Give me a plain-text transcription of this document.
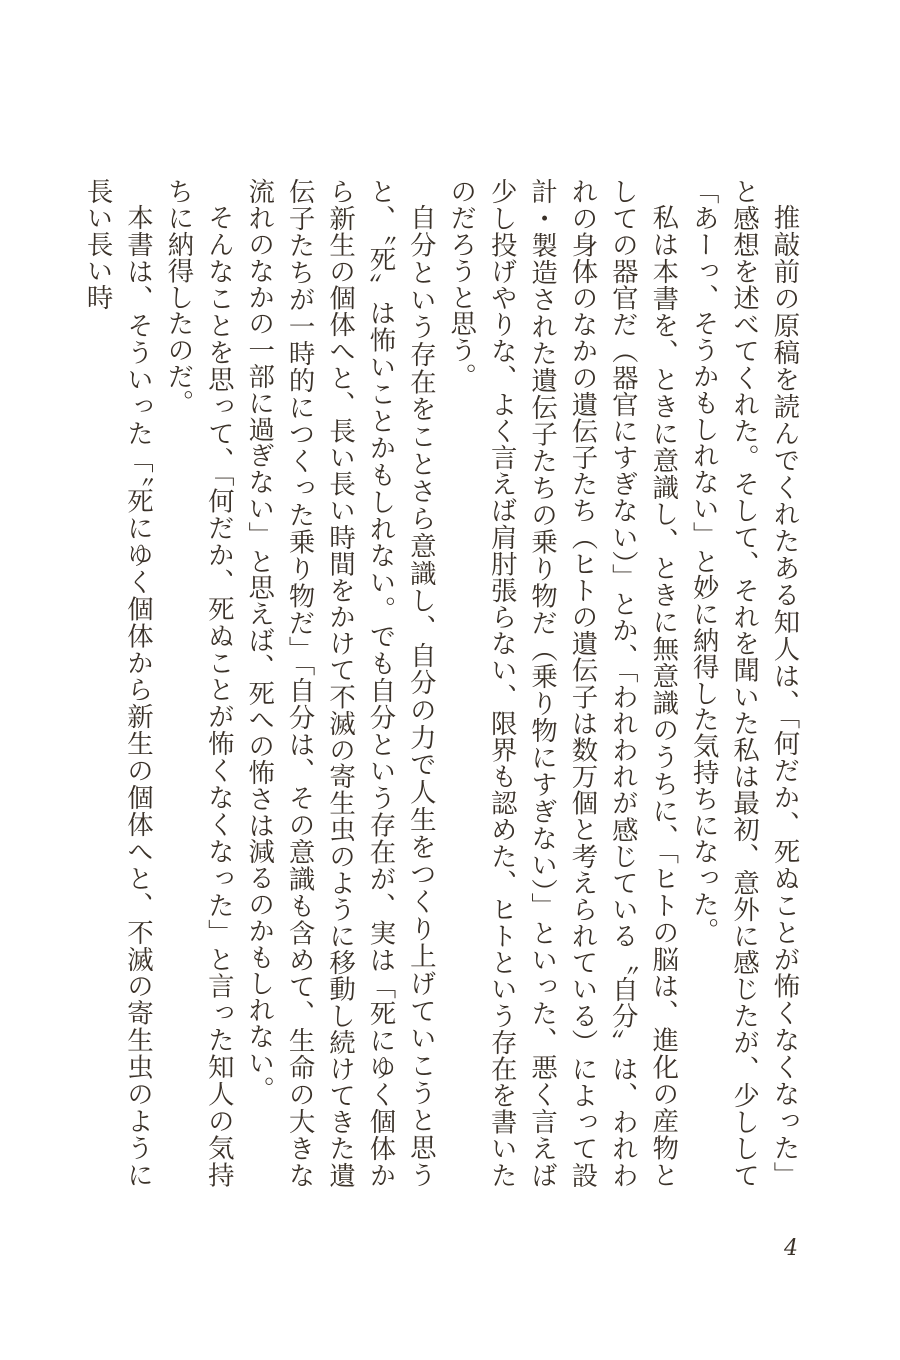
推敲前の原稿を読んでくれたある知人は、「何だか、死ぬことが怖くなくなった」と感想を述べてくれた。そして、それを聞いた私は最初、意外に感じたが、少しして「あーっ、そうかもしれない」と妙に納得した気持ちになった。

私は本書を、ときに意識し、ときに無意識のうちに、「ヒトの脳は、進化の産物としての器官だ（器官にすぎない）」とか、「われわれが感じている〝自分〟は、われわれの身体のなかの遺伝子たち（ヒトの遺伝子は数万個と考えられている）によって設計・製造された遺伝子たちの乗り物だ（乗り物にすぎない）」といった、悪く言えば少し投げやりな、よく言えば肩肘張らない、限界も認めた、ヒトという存在を書いたのだろうと思う。

自分という存在をことさら意識し、自分の力で人生をつくり上げていこうと思うと、〝死〟は怖いことかもしれない。でも自分という存在が、実は「死にゆく個体から新生の個体へと、長い長い時間をかけて不滅の寄生虫のように移動し続けてきた遺伝子たちが一時的につくった乗り物だ」「自分は、その意識も含めて、生命の大きな流れのなかの一部に過ぎない」と思えば、死への怖さは減るのかもしれない。

そんなことを思って、「何だか、死ぬことが怖くなくなった」と言った知人の気持ちに納得したのだ。

本書は、そういった「〝死にゆく個体から新生の個体へと、不滅の寄生虫のように長い長い時

4
